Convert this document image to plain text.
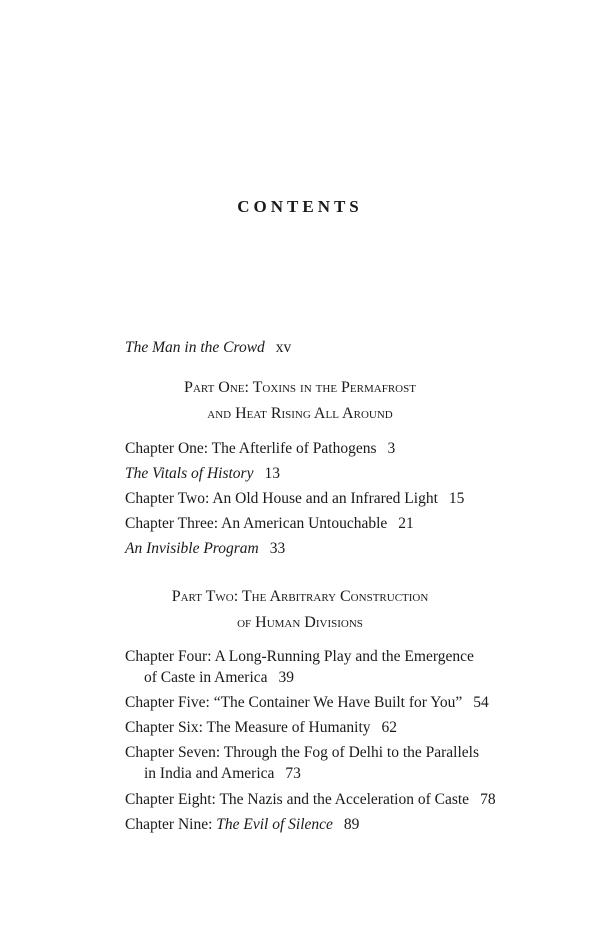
CONTENTS
The Man in the Crowd xv
Part One: Toxins in the Permafrost
and Heat Rising All Around
Chapter One: The Afterlife of Pathogens 3
The Vitals of History 13
Chapter Two: An Old House and an Infrared Light 15
Chapter Three: An American Untouchable 21
An Invisible Program 33
Part Two: The Arbitrary Construction
of Human Divisions
Chapter Four: A Long-Running Play and the Emergence
of Caste in America 39
Chapter Five: “The Container We Have Built for You” 54
Chapter Six: The Measure of Humanity 62
Chapter Seven: Through the Fog of Delhi to the Parallels
in India and America 73
Chapter Eight: The Nazis and the Acceleration of Caste 78
Chapter Nine: The Evil of Silence 89
